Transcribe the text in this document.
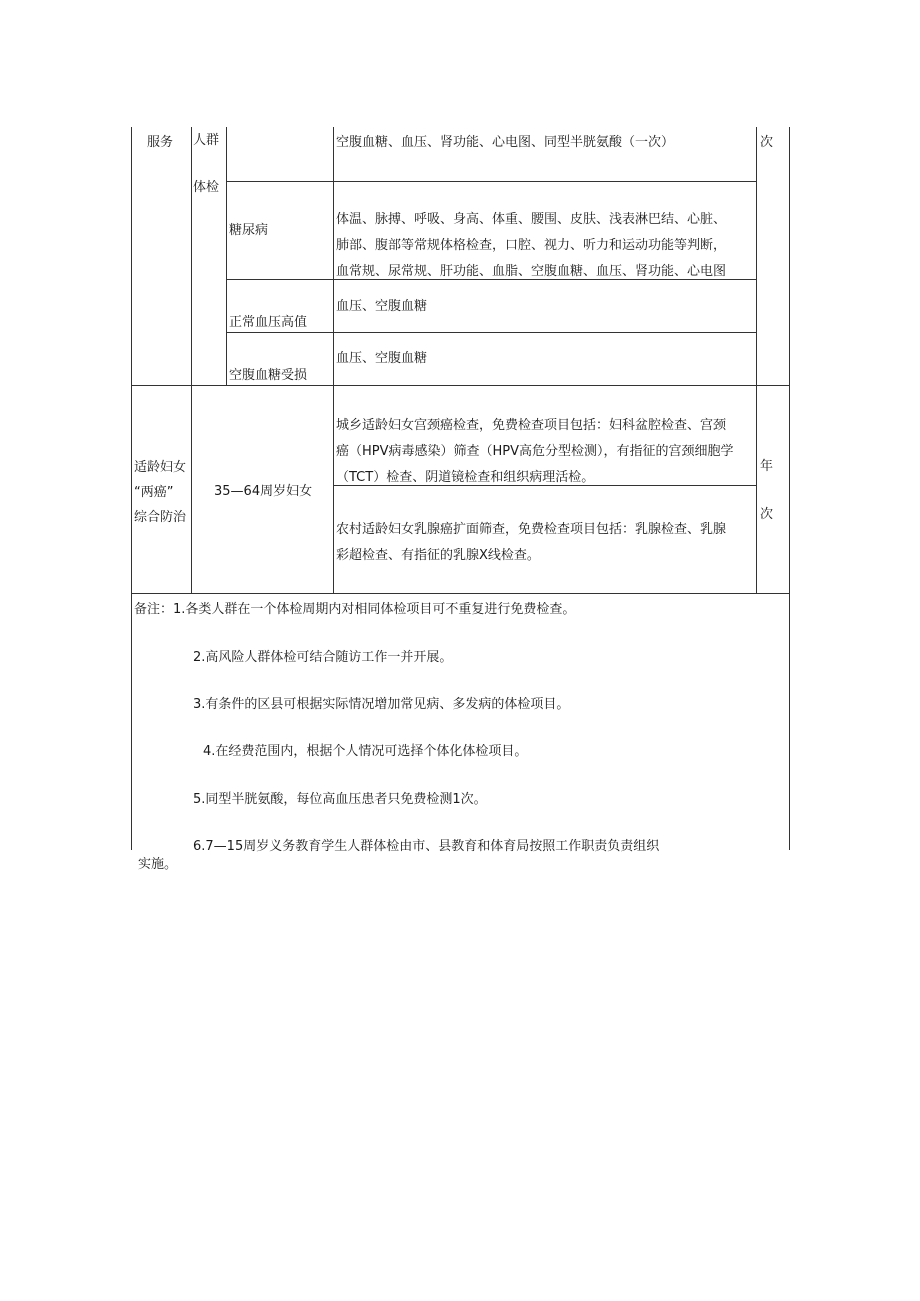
服务 人群
体检
次
空腹血糖、血压、肾功能、心电图、同型半胱氨酸（一次）
糖尿病
体温、脉搏、呼吸、身高、体重、腰围、皮肤、浅表淋巴结、心脏、
肺部、腹部等常规体格检查，口腔、视力、听力和运动功能等判断，
血常规、尿常规、肝功能、血脂、空腹血糖、血压、肾功能、心电图
正常血压高值
血压、空腹血糖
空腹血糖受损
血压、空腹血糖
适龄妇女
“两癌”
综合防治
35—64周岁妇女
年
次
城乡适龄妇女宫颈癌检查，免费检查项目包括：妇科盆腔检查、宫颈
癌（HPV病毒感染）筛查（HPV高危分型检测），有指征的宫颈细胞学
（TCT）检查、阴道镜检查和组织病理活检。
农村适龄妇女乳腺癌扩面筛查，免费检查项目包括：乳腺检查、乳腺
彩超检查、有指征的乳腺X线检查。
备注：1.各类人群在一个体检周期内对相同体检项目可不重复进行免费检查。
2.高风险人群体检可结合随访工作一并开展。
3.有条件的区县可根据实际情况增加常见病、多发病的体检项目。
4.在经费范围内，根据个人情况可选择个体化体检项目。
5.同型半胱氨酸，每位高血压患者只免费检测1次。
6.7—15周岁义务教育学生人群体检由市、县教育和体育局按照工作职责负责组织
实施。
